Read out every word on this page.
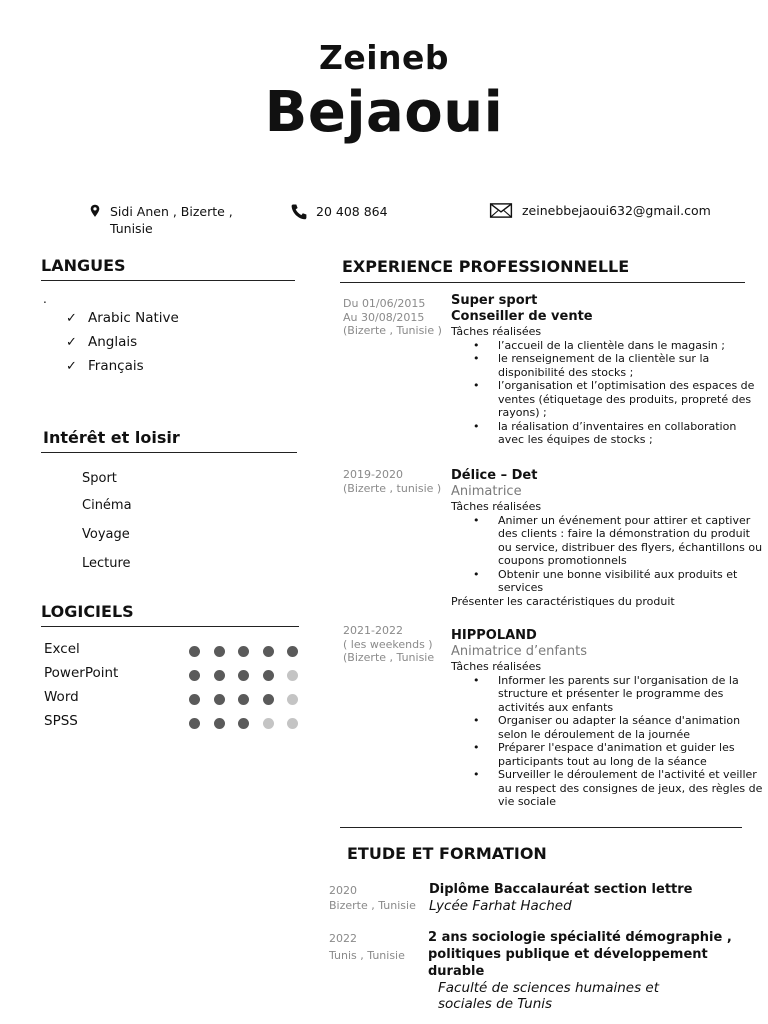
Zeineb
Bejaoui
Sidi Anen , Bizerte ,
Tunisie
20 408 864	zeinebbejaoui632@gmail.com
LANGUES
.
✓ Arabic Native
✓ Anglais
✓ Français
Intérêt et loisir
Sport
Cinéma
Voyage
Lecture
LOGICIELS
Excel
PowerPoint
Word
SPSS
EXPERIENCE PROFESSIONNELLE
Du 01/06/2015
Au 30/08/2015
(Bizerte , Tunisie )
Super sport
Conseiller de vente
Tâches réalisées
• l’accueil de la clientèle dans le magasin ;
• le renseignement de la clientèle sur la disponibilité des stocks ;
• l’organisation et l’optimisation des espaces de ventes (étiquetage des produits, propreté des rayons) ;
• la réalisation d’inventaires en collaboration avec les équipes de stocks ;
2019-2020
(Bizerte , tunisie )
Délice – Det
Animatrice
Tâches réalisées
• Animer un événement pour attirer et captiver des clients : faire la démonstration du produit ou service, distribuer des flyers, échantillons ou coupons promotionnels
• Obtenir une bonne visibilité aux produits et services
Présenter les caractéristiques du produit
2021-2022
( les weekends )
(Bizerte , Tunisie
HIPPOLAND
Animatrice d’enfants
Tâches réalisées
• Informer les parents sur l'organisation de la structure et présenter le programme des activités aux enfants
• Organiser ou adapter la séance d'animation selon le déroulement de la journée
• Préparer l'espace d'animation et guider les participants tout au long de la séance
• Surveiller le déroulement de l'activité et veiller au respect des consignes de jeux, des règles de vie sociale
ETUDE ET FORMATION
2020
Bizerte , Tunisie
Diplôme Baccalauréat section lettre
Lycée Farhat Hached
2022
Tunis , Tunisie
2 ans sociologie spécialité démographie ,
politiques publique et développement durable
Faculté de sciences humaines et
sociales de Tunis
